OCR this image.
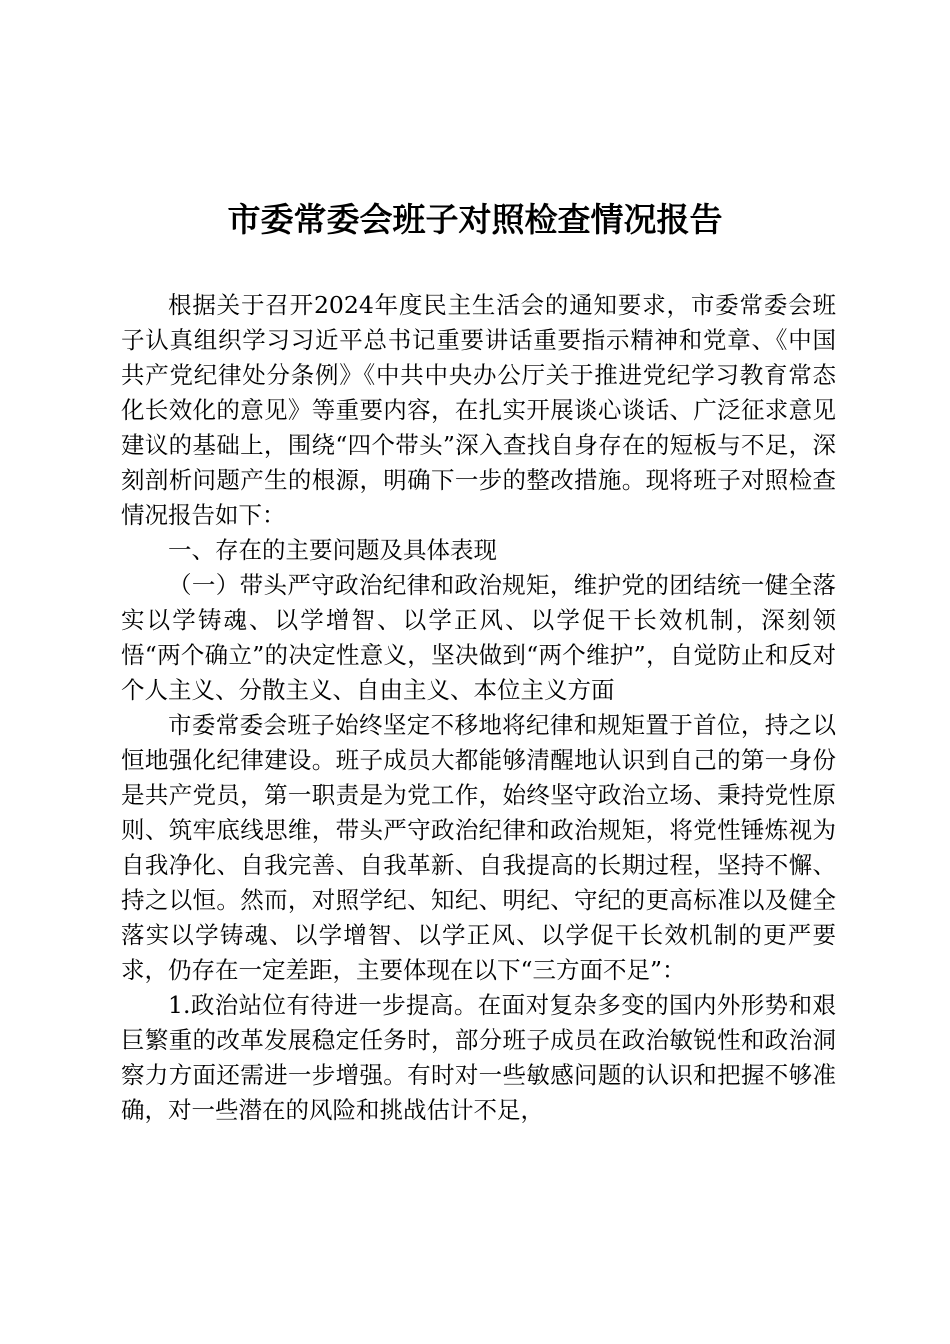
市委常委会班子对照检查情况报告

根据关于召开2024年度民主生活会的通知要求，市委常委会班子认真组织学习习近平总书记重要讲话重要指示精神和党章、《中国共产党纪律处分条例》《中共中央办公厅关于推进党纪学习教育常态化长效化的意见》等重要内容，在扎实开展谈心谈话、广泛征求意见建议的基础上，围绕“四个带头”深入查找自身存在的短板与不足，深刻剖析问题产生的根源，明确下一步的整改措施。现将班子对照检查情况报告如下：

一、存在的主要问题及具体表现

（一）带头严守政治纪律和政治规矩，维护党的团结统一健全落实以学铸魂、以学增智、以学正风、以学促干长效机制，深刻领悟“两个确立”的决定性意义，坚决做到“两个维护”，自觉防止和反对个人主义、分散主义、自由主义、本位主义方面

市委常委会班子始终坚定不移地将纪律和规矩置于首位，持之以恒地强化纪律建设。班子成员大都能够清醒地认识到自己的第一身份是共产党员，第一职责是为党工作，始终坚守政治立场、秉持党性原则、筑牢底线思维，带头严守政治纪律和政治规矩，将党性锤炼视为自我净化、自我完善、自我革新、自我提高的长期过程，坚持不懈、持之以恒。然而，对照学纪、知纪、明纪、守纪的更高标准以及健全落实以学铸魂、以学增智、以学正风、以学促干长效机制的更严要求，仍存在一定差距，主要体现在以下“三方面不足”：

1.政治站位有待进一步提高。在面对复杂多变的国内外形势和艰巨繁重的改革发展稳定任务时，部分班子成员在政治敏锐性和政治洞察力方面还需进一步增强。有时对一些敏感问题的认识和把握不够准确，对一些潜在的风险和挑战估计不足，
